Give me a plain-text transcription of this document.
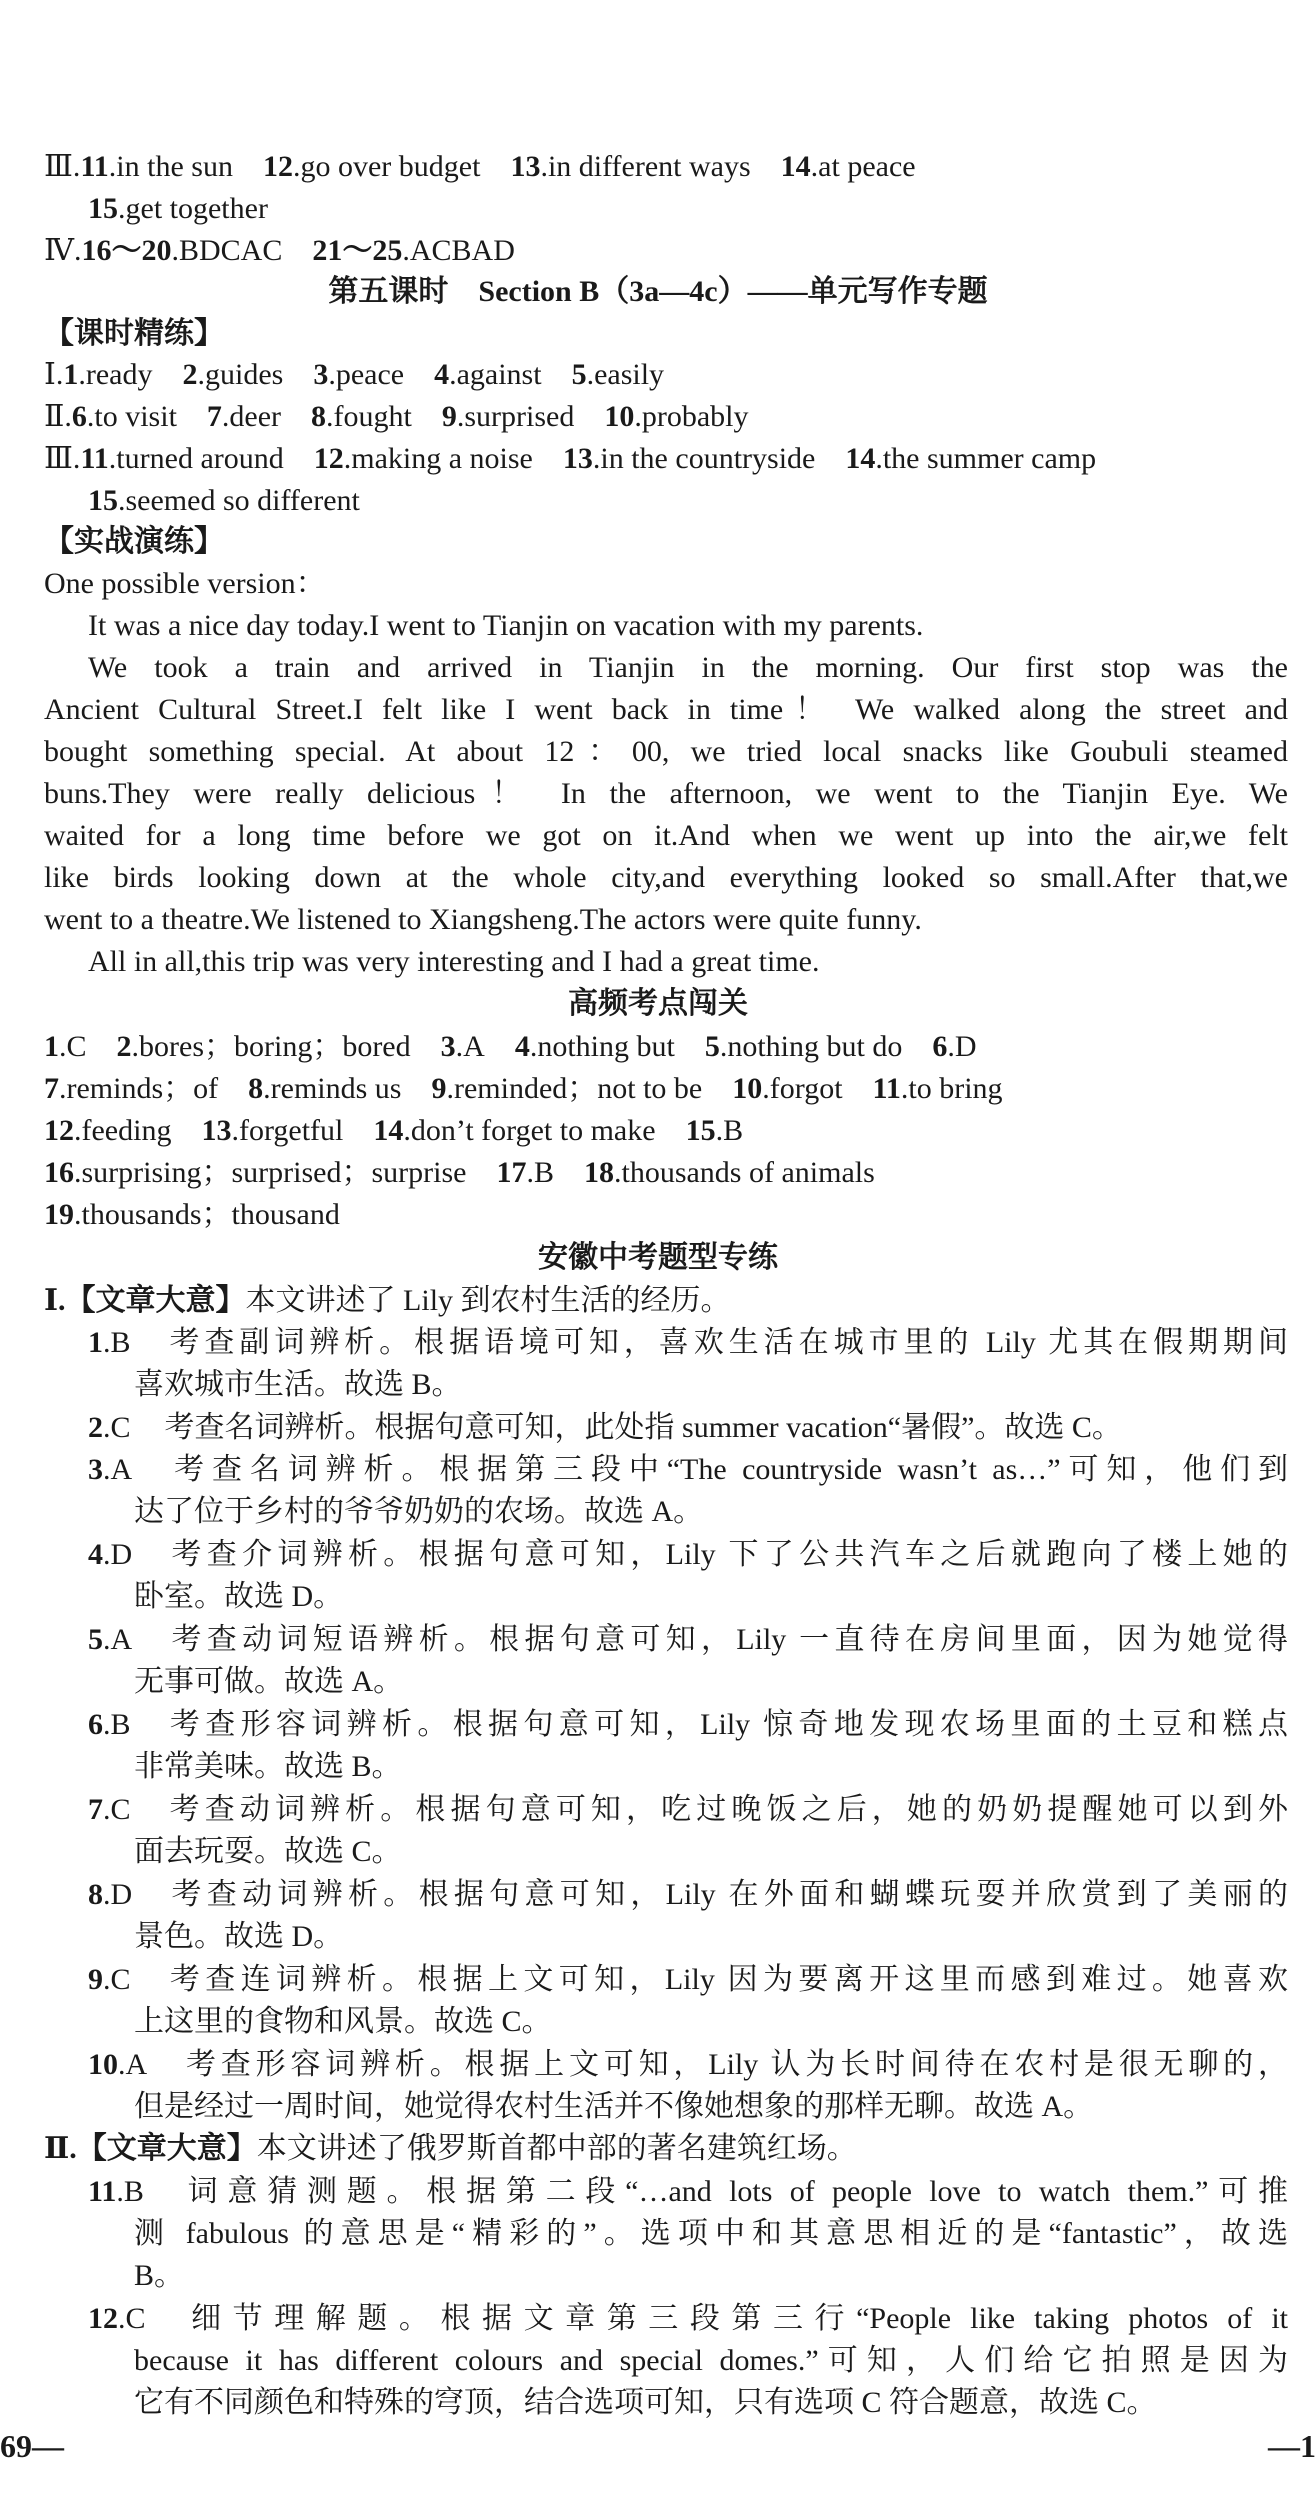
Ⅲ.11.in the sun 12.go over budget 13.in different ways 14.at peace
15.get together
Ⅳ.16～20.BDCAC 21～25.ACBAD
第五课时　Section B（3a—4c）——单元写作专题
【课时精练】
Ⅰ.1.ready 2.guides 3.peace 4.against 5.easily
Ⅱ.6.to visit 7.deer 8.fought 9.surprised 10.probably
Ⅲ.11.turned around 12.making a noise 13.in the countryside 14.the summer camp
15.seemed so different
【实战演练】
One possible version：
It was a nice day today.I went to Tianjin on vacation with my parents.
We took a train and arrived in Tianjin in the morning. Our first stop was the
Ancient Cultural Street.I felt like I went back in time！ We walked along the street and
bought something special. At about 12：00, we tried local snacks like Goubuli steamed
buns.They were really delicious！ In the afternoon, we went to the Tianjin Eye. We
waited for a long time before we got on it.And when we went up into the air,we felt
like birds looking down at the whole city,and everything looked so small.After that,we
went to a theatre.We listened to Xiangsheng.The actors were quite funny.
All in all,this trip was very interesting and I had a great time.
高频考点闯关
1.C 2.bores；boring；bored 3.A 4.nothing but 5.nothing but do 6.D
7.reminds；of 8.reminds us 9.reminded；not to be 10.forgot 11.to bring
12.feeding 13.forgetful 14.don’t forget to make 15.B
16.surprising；surprised；surprise 17.B 18.thousands of animals
19.thousands；thousand
安徽中考题型专练
Ⅰ.【文章大意】本文讲述了 Lily 到农村生活的经历。
1.B 考查副词辨析。根据语境可知，喜欢生活在城市里的 Lily 尤其在假期期间
喜欢城市生活。故选 B。
2.C 考查名词辨析。根据句意可知，此处指 summer vacation“暑假”。故选 C。
3.A 考查名词辨析。根据第三段中“The countryside wasn’t as…”可知，他们到
达了位于乡村的爷爷奶奶的农场。故选 A。
4.D 考查介词辨析。根据句意可知，Lily 下了公共汽车之后就跑向了楼上她的
卧室。故选 D。
5.A 考查动词短语辨析。根据句意可知，Lily 一直待在房间里面，因为她觉得
无事可做。故选 A。
6.B 考查形容词辨析。根据句意可知，Lily 惊奇地发现农场里面的土豆和糕点
非常美味。故选 B。
7.C 考查动词辨析。根据句意可知，吃过晚饭之后，她的奶奶提醒她可以到外
面去玩耍。故选 C。
8.D 考查动词辨析。根据句意可知，Lily 在外面和蝴蝶玩耍并欣赏到了美丽的
景色。故选 D。
9.C 考查连词辨析。根据上文可知，Lily 因为要离开这里而感到难过。她喜欢
上这里的食物和风景。故选 C。
10.A 考查形容词辨析。根据上文可知，Lily 认为长时间待在农村是很无聊的，
但是经过一周时间，她觉得农村生活并不像她想象的那样无聊。故选 A。
Ⅱ.【文章大意】本文讲述了俄罗斯首都中部的著名建筑红场。
11.B 词意猜测题。根据第二段“…and lots of people love to watch them.”可推
测 fabulous 的意思是“精彩的”。选项中和其意思相近的是“fantastic”，故选
B。
12.C 细节理解题。根据文章第三段第三行“People like taking photos of it
because it has different colours and special domes.”可知，人们给它拍照是因为
它有不同颜色和特殊的穹顶，结合选项可知，只有选项 C 符合题意，故选 C。
69—	—1
